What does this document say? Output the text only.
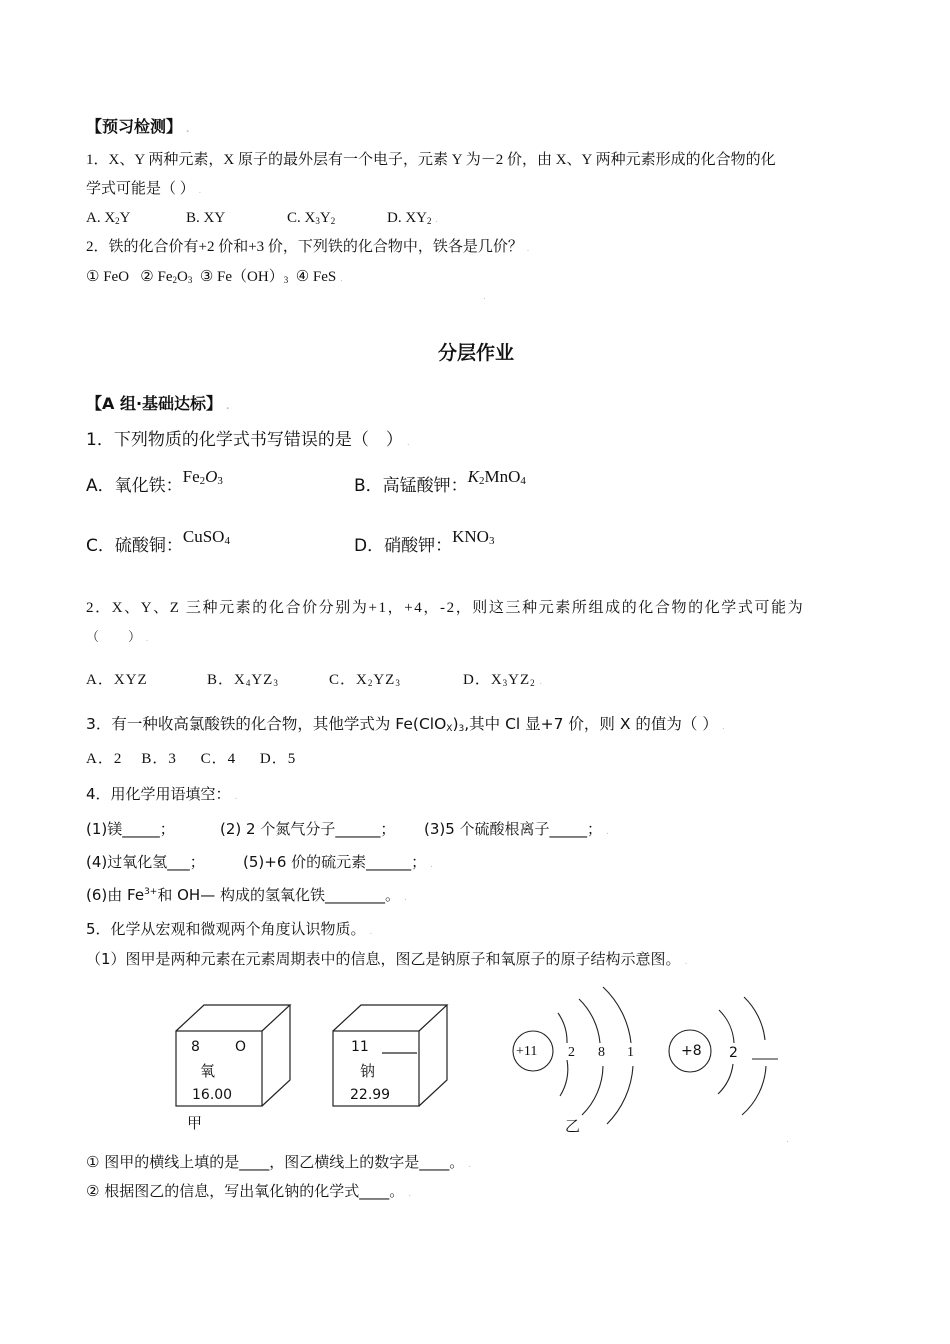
【预习检测】 .
1．X、Y 两种元素，X 原子的最外层有一个电子，元素 Y 为－2 价，由 X、Y 两种元素形成的化合物的化
学式可能是（ ） .
A. $X_2Y$	B. XY	C. $X_3Y_2$	D. $XY_2$ .
2．铁的化合价有+2 价和+3 价，下列铁的化合物中，铁各是几价？ .
① FeO ② $Fe_2O_3$ ③ $Fe(OH)_3$ ④ FeS .
.
分层作业
【A 组·基础达标】 .
1．下列物质的化学式书写错误的是（　） .
A．氧化铁：$Fe_2O_3$	B．高锰酸钾：$K_2MnO_4$
C．硫酸铜：CuSO$_4$	D．硝酸钾：$KNO_3$
2．X、Y、Z 三种元素的化合价分别为+1，+4，-2，则这三种元素所组成的化合物的化学式可能为
（　　） .
A．XYZ	B．$X_4YZ_3$	C．$X_2YZ_3$	D．$X_3YZ_2$ .
3．有一种收高氯酸铁的化合物，其他学式为 $Fe(ClO_X)_3$,其中 Cl 显+7 价，则 X 的值为（ ） .
A．2 B．3 C．4 D．5
4．用化学用语填空： .
(1)镁_____；	(2) 2 个氮气分子______； (3)5 个硫酸根离子_____； .
(4)过氧化氢___；	(5)+6 价的硫元素______； .
(6)由 $Fe^{3+}$和 OH— 构成的氢氧化铁________。 .
5．化学从宏观和微观两个角度认识物质。 .
（1）图甲是两种元素在元素周期表中的信息，图乙是钠原子和氧原子的原子结构示意图。 .
8	O
氧
16.00
11
钠
22.99
甲	乙
+11 2 8 1	+8 2
.
① 图甲的横线上填的是____，图乙横线上的数字是____。 .
② 根据图乙的信息，写出氧化钠的化学式____。 .
